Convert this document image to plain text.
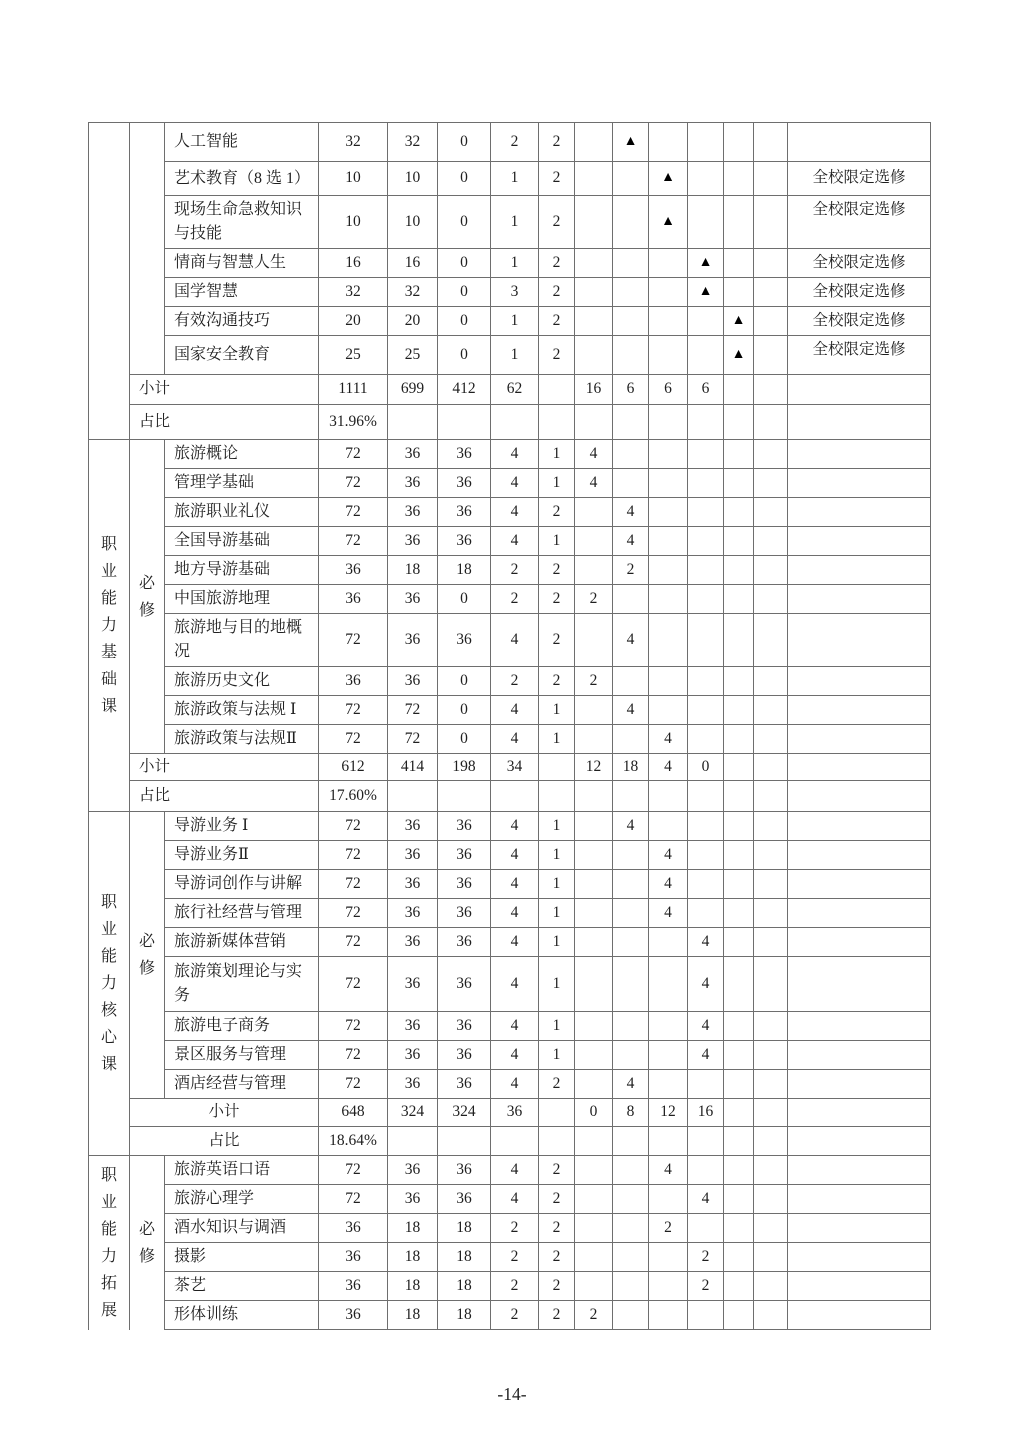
		人工智能	32	32	0	2	2		▲					
		艺术教育（8 选 1）	10	10	0	1	2			▲				全校限定选修
		现场生命急救知识与技能	10	10	0	1	2			▲				全校限定选修
		情商与智慧人生	16	16	0	1	2				▲			全校限定选修
		国学智慧	32	32	0	3	2				▲			全校限定选修
		有效沟通技巧	20	20	0	1	2					▲		全校限定选修
		国家安全教育	25	25	0	1	2					▲		全校限定选修
	小计		1111	699	412	62		16	6	6	6			
	占比		31.96%											
职业能力基础课	必修	旅游概论	72	36	36	4	1	4						
		管理学基础	72	36	36	4	1	4						
		旅游职业礼仪	72	36	36	4	2		4					
		全国导游基础	72	36	36	4	1		4					
		地方导游基础	36	18	18	2	2		2					
		中国旅游地理	36	36	0	2	2	2						
		旅游地与目的地概况	72	36	36	4	2		4					
		旅游历史文化	36	36	0	2	2	2						
		旅游政策与法规 Ⅰ	72	72	0	4	1		4					
		旅游政策与法规Ⅱ	72	72	0	4	1			4				
	小计		612	414	198	34		12	18	4	0			
	占比		17.60%											
职业能力核心课	必修	导游业务 Ⅰ	72	36	36	4	1		4					
		导游业务Ⅱ	72	36	36	4	1			4				
		导游词创作与讲解	72	36	36	4	1			4				
		旅行社经营与管理	72	36	36	4	1			4				
		旅游新媒体营销	72	36	36	4	1				4			
		旅游策划理论与实务	72	36	36	4	1				4			
		旅游电子商务	72	36	36	4	1				4			
		景区服务与管理	72	36	36	4	1				4			
		酒店经营与管理	72	36	36	4	2		4					
	小计		648	324	324	36		0	8	12	16			
	占比		18.64%											
职业能力拓展	必修	旅游英语口语	72	36	36	4	2			4				
		旅游心理学	72	36	36	4	2				4			
		酒水知识与调酒	36	18	18	2	2			2				
		摄影	36	18	18	2	2				2			
		茶艺	36	18	18	2	2				2			
		形体训练	36	18	18	2	2	2						
-14-
